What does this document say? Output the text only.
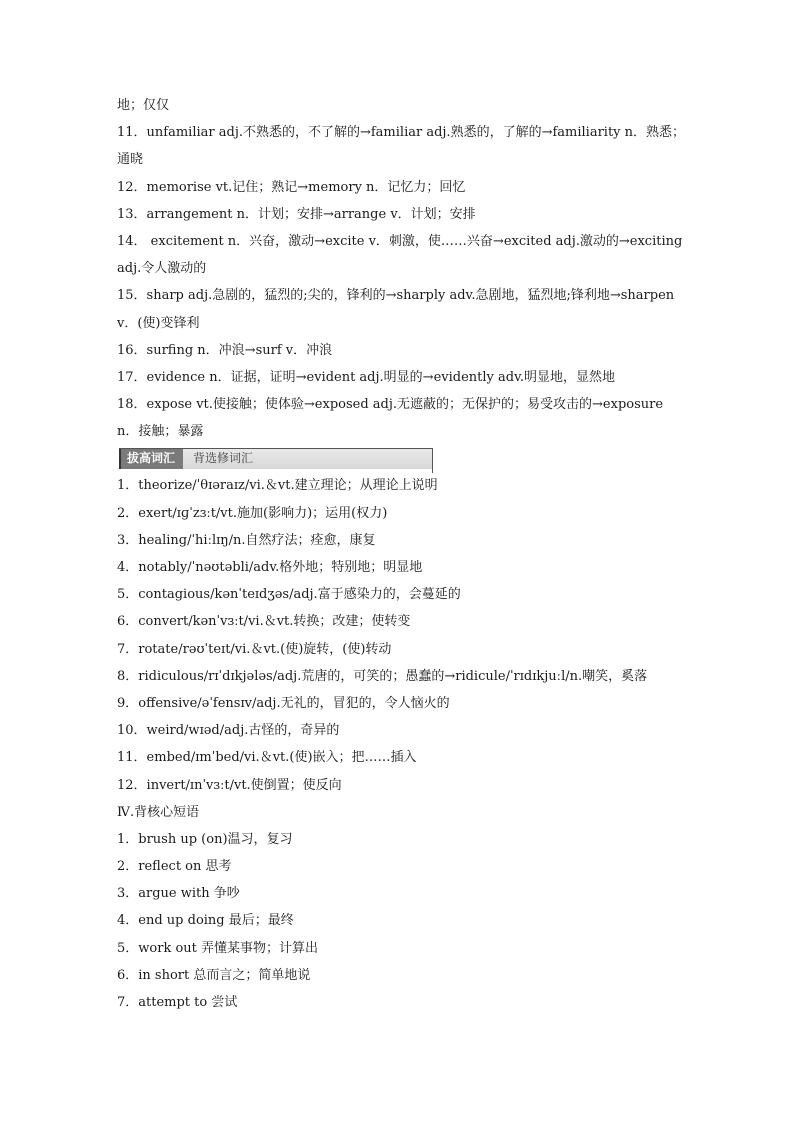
地；仅仅
11．unfamiliar adj.不熟悉的，不了解的→familiar adj.熟悉的，了解的→familiarity n．熟悉；
通晓
12．memorise vt.记住；熟记→memory n．记忆力；回忆
13．arrangement n．计划；安排→arrange v．计划；安排
14． excitement n．兴奋，激动→excite v．刺激，使……兴奋→excited adj.激动的→exciting
adj.令人激动的
15．sharp adj.急剧的，猛烈的;尖的，锋利的→sharply adv.急剧地，猛烈地;锋利地→sharpen
v．(使)变锋利
16．surfing n．冲浪→surf v．冲浪
17．evidence n．证据，证明→evident adj.明显的→evidently adv.明显地，显然地
18．expose vt.使接触；使体验→exposed adj.无遮蔽的；无保护的；易受攻击的→exposure
n．接触；暴露
拔高词汇	背选修词汇
1．theorize/ˈθɪəraɪz/vi.＆vt.建立理论；从理论上说明
2．exert/ɪɡˈzɜːt/vt.施加(影响力)；运用(权力)
3．healing/ˈhiːlɪŋ/n.自然疗法；痊愈，康复
4．notably/ˈnəʊtəbli/adv.格外地；特别地；明显地
5．contagious/kənˈteɪdʒəs/adj.富于感染力的，会蔓延的
6．convert/kənˈvɜːt/vi.＆vt.转换；改建；使转变
7．rotate/rəʊˈteɪt/vi.＆vt.(使)旋转，(使)转动
8．ridiculous/rɪˈdɪkjələs/adj.荒唐的，可笑的；愚蠢的→ridicule/ˈrɪdɪkjuːl/n.嘲笑，奚落
9．offensive/əˈfensɪv/adj.无礼的，冒犯的，令人恼火的
10．weird/wɪəd/adj.古怪的，奇异的
11．embed/ɪmˈbed/vi.＆vt.(使)嵌入；把……插入
12．invert/ɪnˈvɜːt/vt.使倒置；使反向
Ⅳ.背核心短语
1．brush up (on)温习，复习
2．reflect on 思考
3．argue with 争吵
4．end up doing 最后；最终
5．work out 弄懂某事物；计算出
6．in short 总而言之；简单地说
7．attempt to 尝试
